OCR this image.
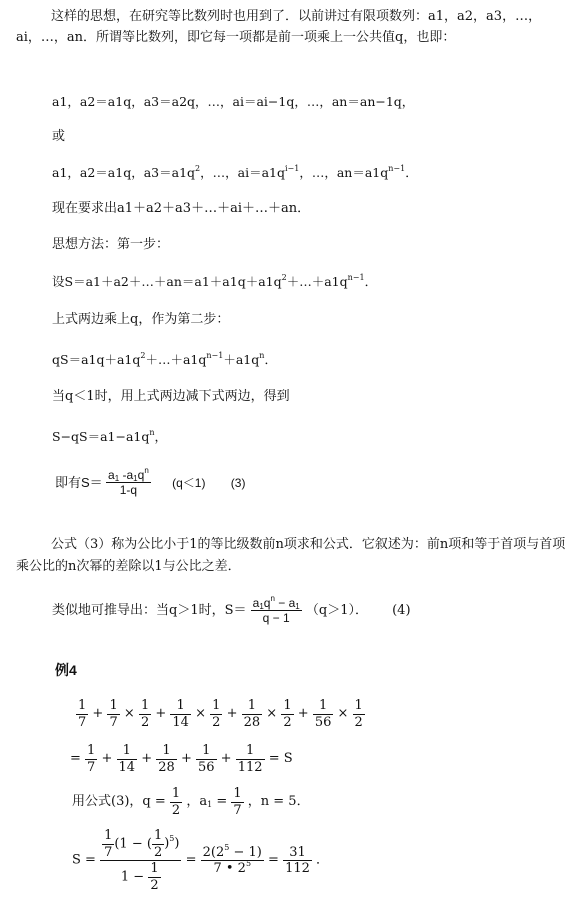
这样的思想，在研究等比数列时也用到了．以前讲过有限项数列：a1，a2，a3，…，ai，…，an．所谓等比数列，即它每一项都是前一项乘上一公共值q，也即：
a1，a2＝a1q，a3＝a2q，…，ai＝ai−1q，…，an＝an−1q，
或
a1，a2＝a1q，$a3=a1q^2$，…，$ai=a1q^{i-1}$，…，$an=a1q^{n-1}$．
现在要求出a1＋a2＋a3＋…＋ai＋…＋an．
思想方法：第一步：
设$S=a1+a2+\dots+an=a1+a1q+a1q^2+\dots+a1q^{n-1}$．
上式两边乘上q，作为第二步：
$qS=a1q+a1q^2+\dots+a1q^{n-1}+a1q^n$．
当q＜1时，用上式两边减下式两边，得到
$S-qS=a1-a1q^n$，
即有$S= \frac{a_1 -a_1q^n}{1-q} (q<1)$ (3)
公式（3）称为公比小于1的等比级数前n项求和公式．它叙述为：前n项和等于首项与首项乘公比的n次幂的差除以1与公比之差．
类似地可推导出：当q＞1时，$S= \frac{a_1q^n - a_1}{q - 1} (q>1)$． (4)
例4
$\frac{1}{7} + \frac{1}{7} \times \frac{1}{2} + \frac{1}{14} \times \frac{1}{2} + \frac{1}{28} \times \frac{1}{2} + \frac{1}{56} \times \frac{1}{2}$
= $\frac{1}{7} + \frac{1}{14} + \frac{1}{28} + \frac{1}{56} + \frac{1}{112} = S$
用公式(3)，$q = \frac{1}{2}$ ，$a_1 = \frac{1}{7}$ ，n = 5．
$S = \frac{\frac{1}{7} (1 - ( \frac{1}{2} )^5)}{1 - \frac{1}{2}} = \frac{2(2^5 - 1)}{7 • 2^5} = \frac{31}{112}$ ．
